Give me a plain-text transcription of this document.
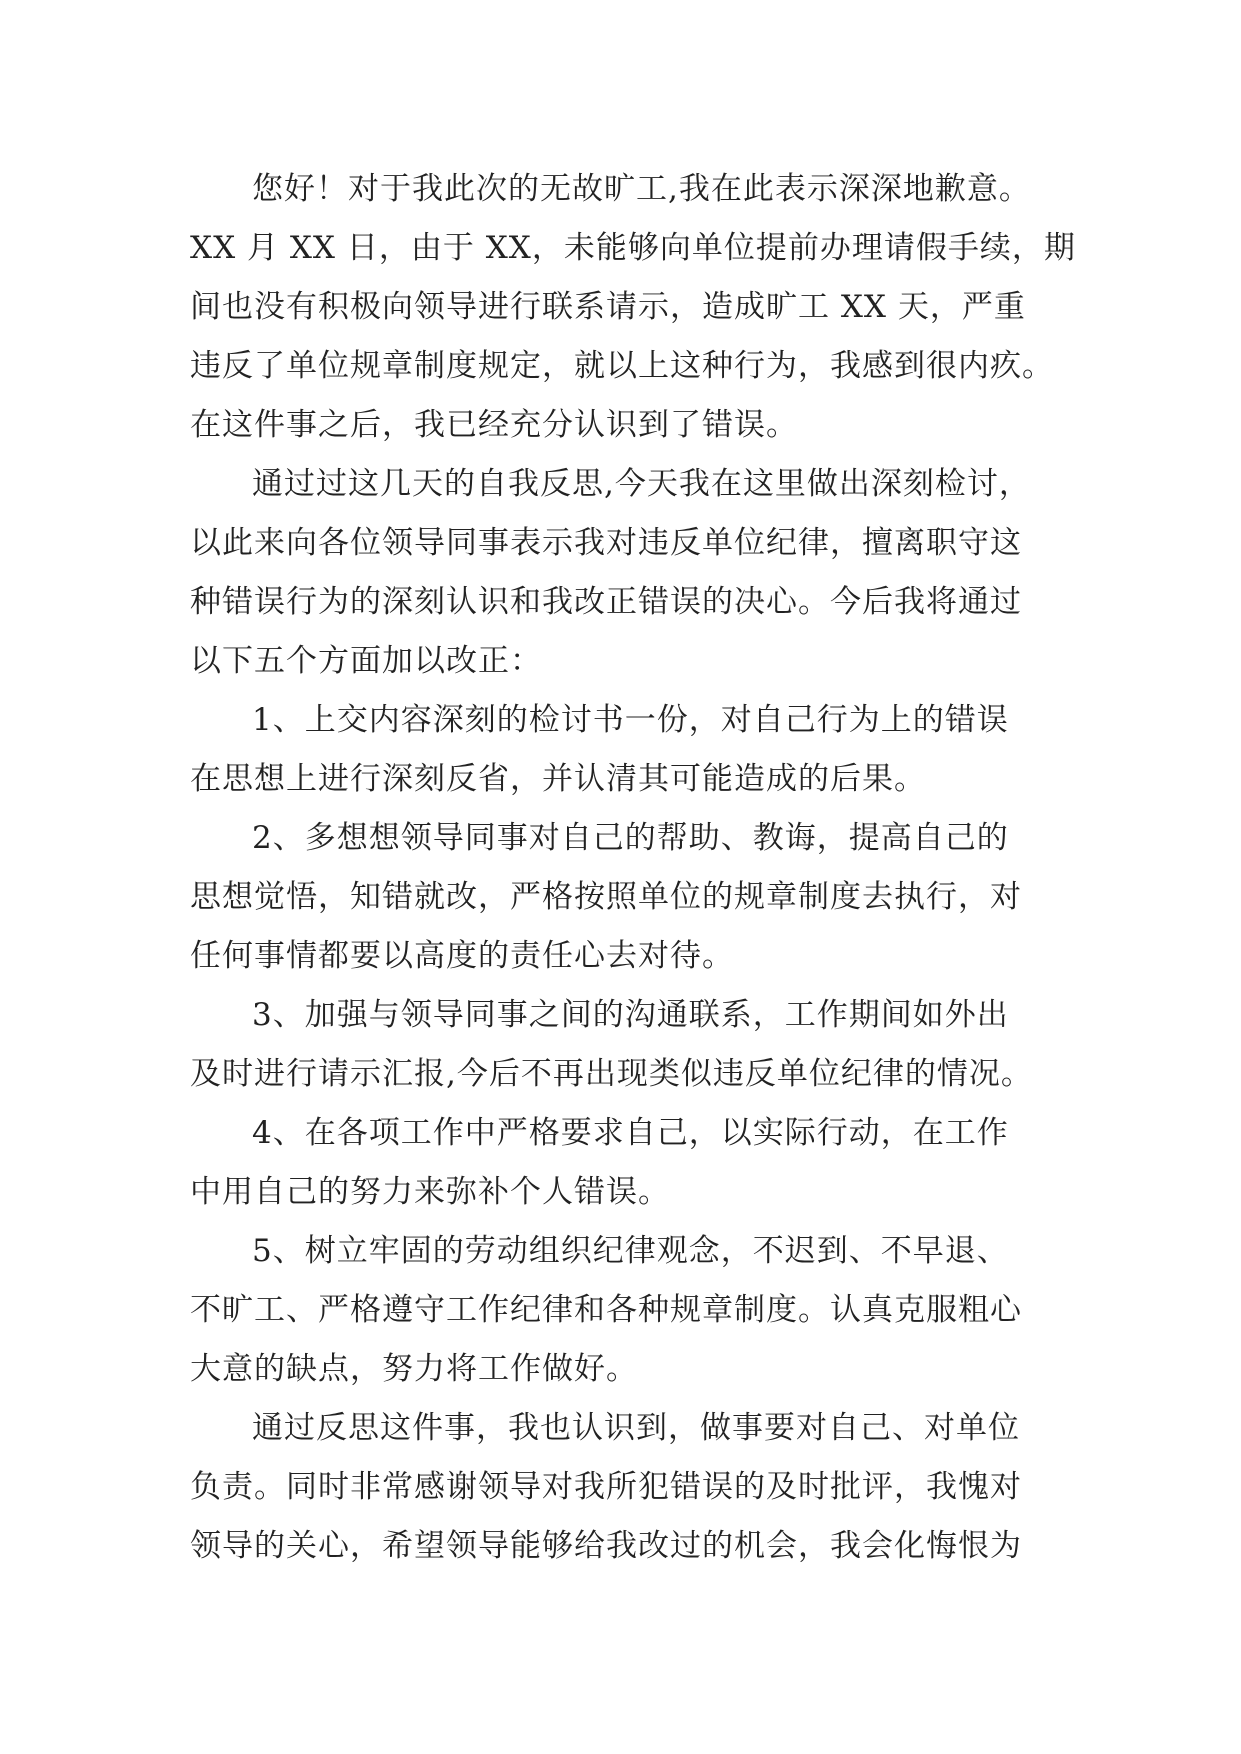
您好！对于我此次的无故旷工,我在此表示深深地歉意。
XX 月 XX 日，由于 XX，未能够向单位提前办理请假手续，期
间也没有积极向领导进行联系请示，造成旷工 XX 天，严重
违反了单位规章制度规定，就以上这种行为，我感到很内疚。
在这件事之后，我已经充分认识到了错误。

通过过这几天的自我反思,今天我在这里做出深刻检讨，
以此来向各位领导同事表示我对违反单位纪律，擅离职守这
种错误行为的深刻认识和我改正错误的决心。今后我将通过
以下五个方面加以改正：

1、上交内容深刻的检讨书一份，对自己行为上的错误
在思想上进行深刻反省，并认清其可能造成的后果。

2、多想想领导同事对自己的帮助、教诲，提高自己的
思想觉悟，知错就改，严格按照单位的规章制度去执行，对
任何事情都要以高度的责任心去对待。

3、加强与领导同事之间的沟通联系，工作期间如外出
及时进行请示汇报,今后不再出现类似违反单位纪律的情况。

4、在各项工作中严格要求自己，以实际行动，在工作
中用自己的努力来弥补个人错误。

5、树立牢固的劳动组织纪律观念，不迟到、不早退、
不旷工、严格遵守工作纪律和各种规章制度。认真克服粗心
大意的缺点，努力将工作做好。

通过反思这件事，我也认识到，做事要对自己、对单位
负责。同时非常感谢领导对我所犯错误的及时批评，我愧对
领导的关心，希望领导能够给我改过的机会，我会化悔恨为
